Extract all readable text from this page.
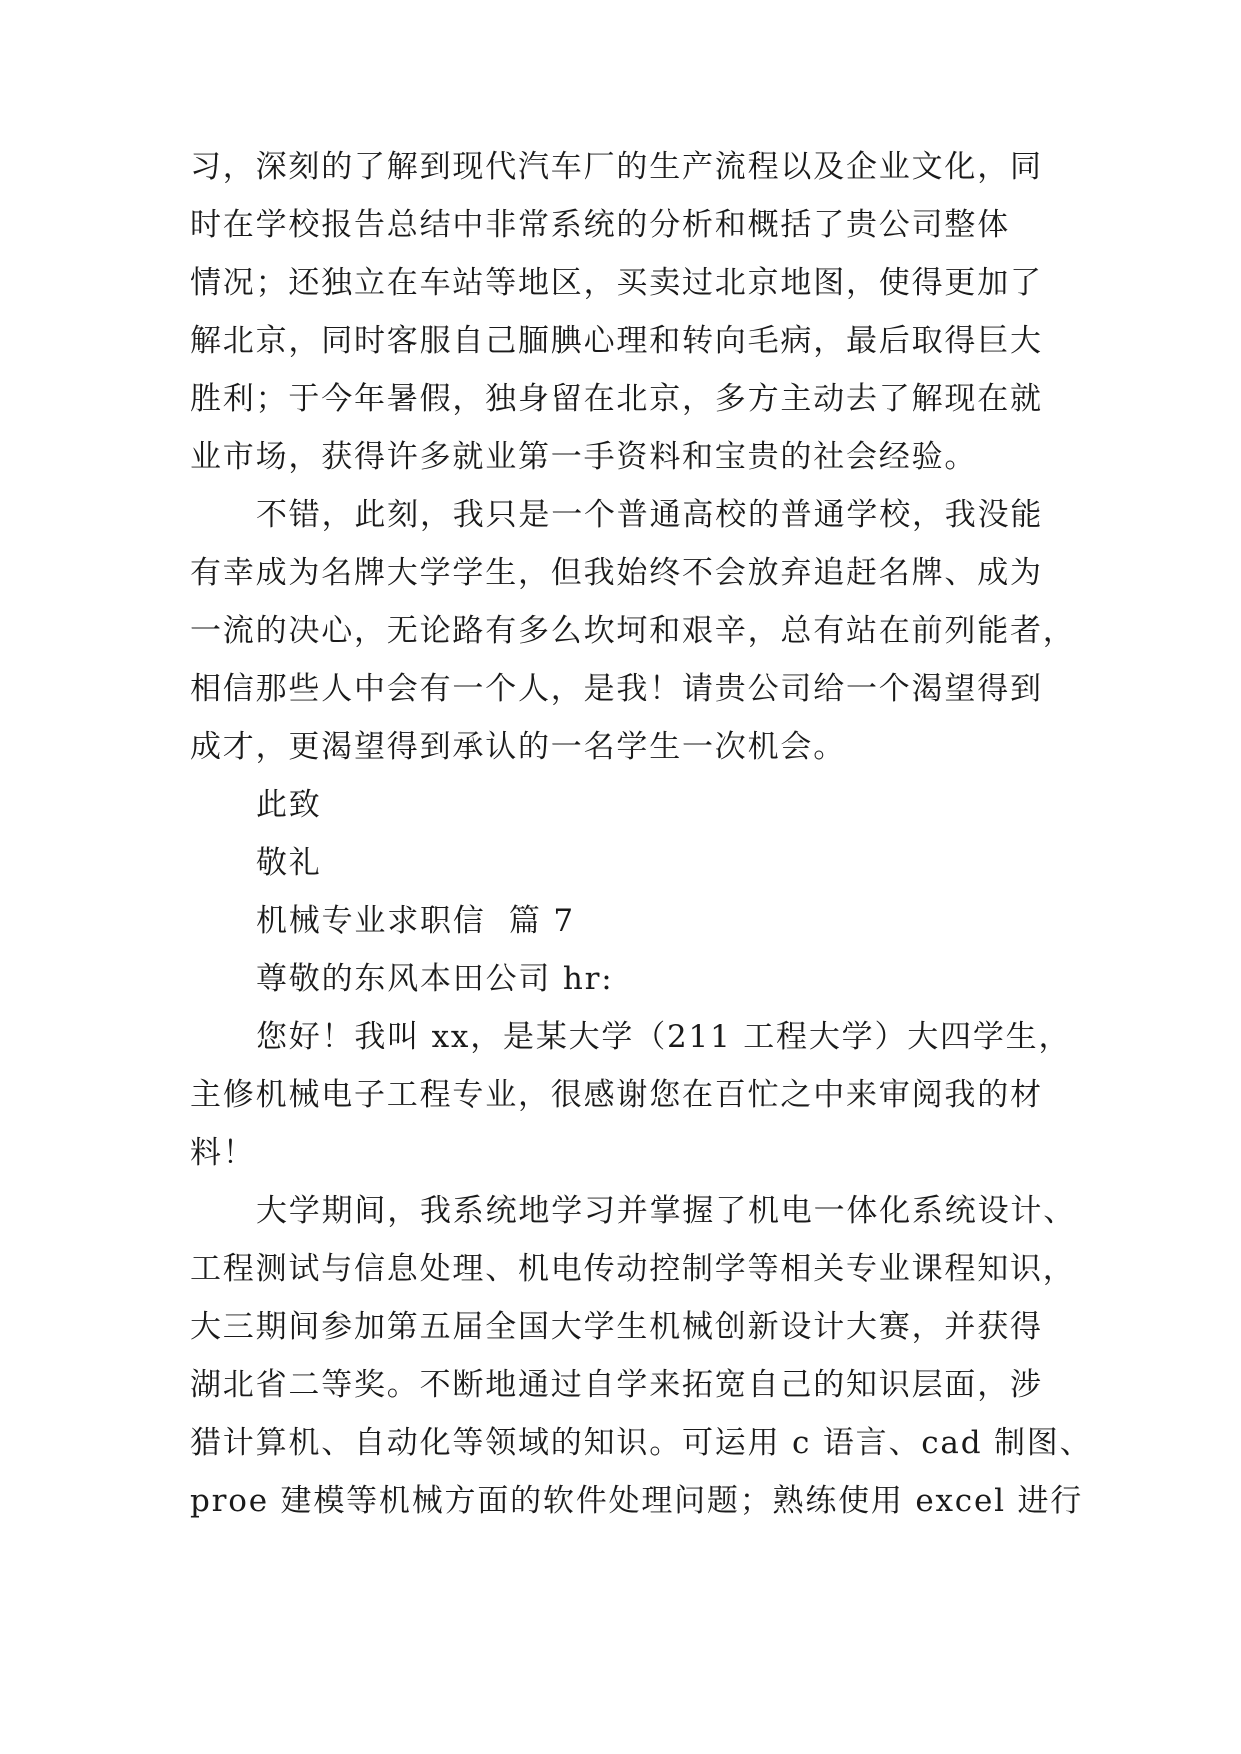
习，深刻的了解到现代汽车厂的生产流程以及企业文化，同
时在学校报告总结中非常系统的分析和概括了贵公司整体
情况；还独立在车站等地区，买卖过北京地图，使得更加了
解北京，同时客服自己腼腆心理和转向毛病，最后取得巨大
胜利；于今年暑假，独身留在北京，多方主动去了解现在就
业市场，获得许多就业第一手资料和宝贵的社会经验。
不错，此刻，我只是一个普通高校的普通学校，我没能
有幸成为名牌大学学生，但我始终不会放弃追赶名牌、成为
一流的决心，无论路有多么坎坷和艰辛，总有站在前列能者，
相信那些人中会有一个人，是我！请贵公司给一个渴望得到
成才，更渴望得到承认的一名学生一次机会。
此致
敬礼
机械专业求职信  篇 7
尊敬的东风本田公司 hr:
您好！我叫 xx，是某大学（211 工程大学）大四学生，
主修机械电子工程专业，很感谢您在百忙之中来审阅我的材
料！
大学期间，我系统地学习并掌握了机电一体化系统设计、
工程测试与信息处理、机电传动控制学等相关专业课程知识，
大三期间参加第五届全国大学生机械创新设计大赛，并获得
湖北省二等奖。不断地通过自学来拓宽自己的知识层面，涉
猎计算机、自动化等领域的知识。可运用 c 语言、cad 制图、
proe 建模等机械方面的软件处理问题；熟练使用 excel 进行
